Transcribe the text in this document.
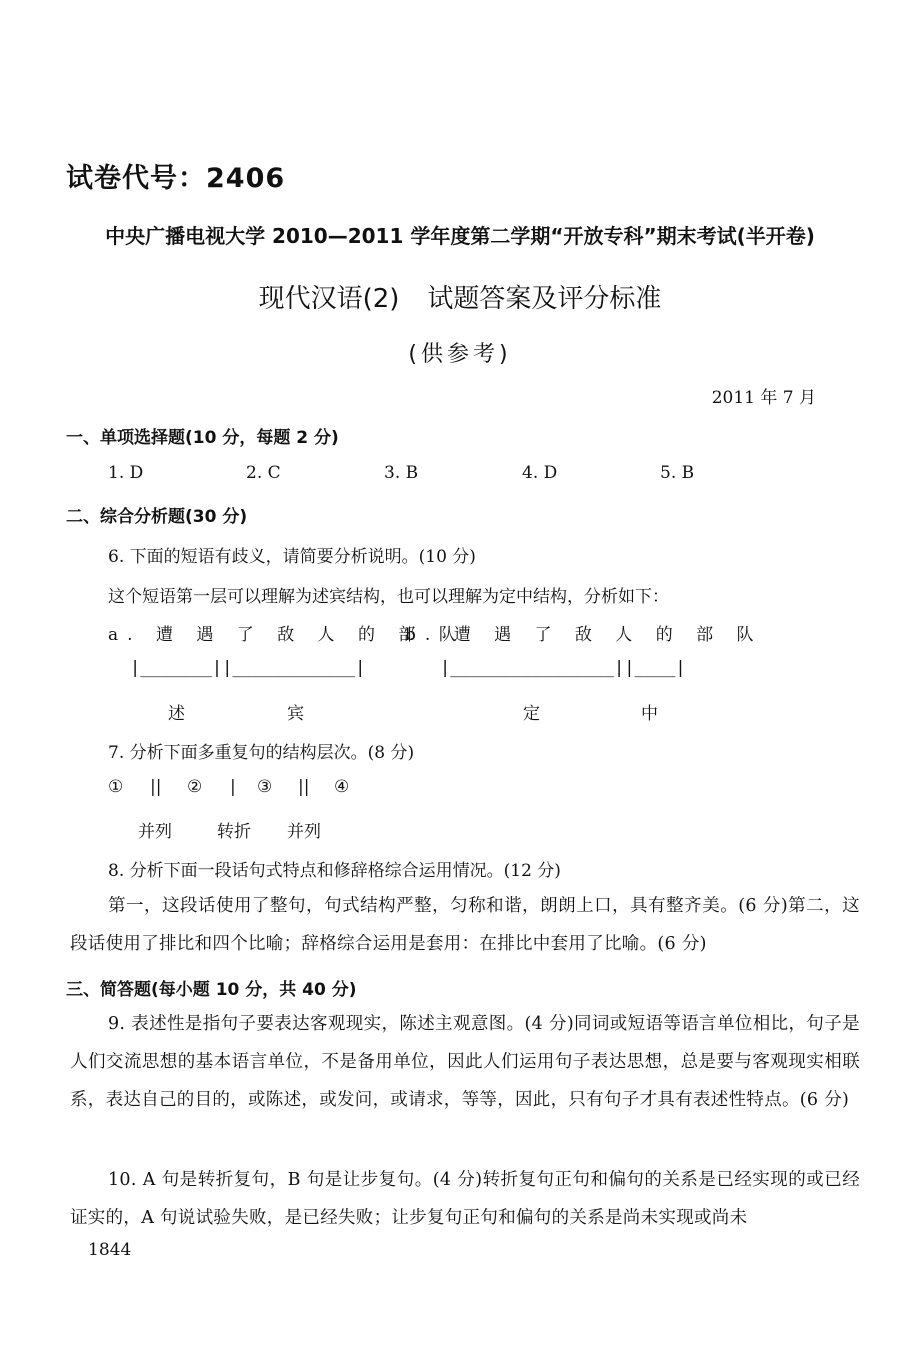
试卷代号：2406
中央广播电视大学 2010—2011 学年度第二学期“开放专科”期末考试(半开卷)
现代汉语(2) 试题答案及评分标准
(供参考)
2011 年 7 月
一、单项选择题(10 分，每题 2 分)
1. D	2. C	3. B	4. D	5. B
二、综合分析题(30 分)
6. 下面的短语有歧义，请简要分析说明。(10 分)
这个短语第一层可以理解为述宾结构，也可以理解为定中结构，分析如下：
a. 遭 遇 了 敌 人 的 部 队
b. 遭 遇 了 敌 人 的 部 队
|_______||____________|	|________________||____|
述	宾	定	中
7. 分析下面多重复句的结构层次。(8 分)
① || ② | ③ || ④
并列	转折 并列
8. 分析下面一段话句式特点和修辞格综合运用情况。(12 分)
第一，这段话使用了整句，句式结构严整，匀称和谐，朗朗上口，具有整齐美。(6 分)第二，这段话使用了排比和四个比喻；辞格综合运用是套用：在排比中套用了比喻。(6 分)
三、简答题(每小题 10 分，共 40 分)
9. 表述性是指句子要表达客观现实，陈述主观意图。(4 分)同词或短语等语言单位相比，句子是人们交流思想的基本语言单位，不是备用单位，因此人们运用句子表达思想，总是要与客观现实相联系，表达自己的目的，或陈述，或发问，或请求，等等，因此，只有句子才具有表述性特点。(6 分)
10. A 句是转折复句，B 句是让步复句。(4 分)转折复句正句和偏句的关系是已经实现的或已经证实的，A 句说试验失败，是已经失败；让步复句正句和偏句的关系是尚未实现或尚未
1844
